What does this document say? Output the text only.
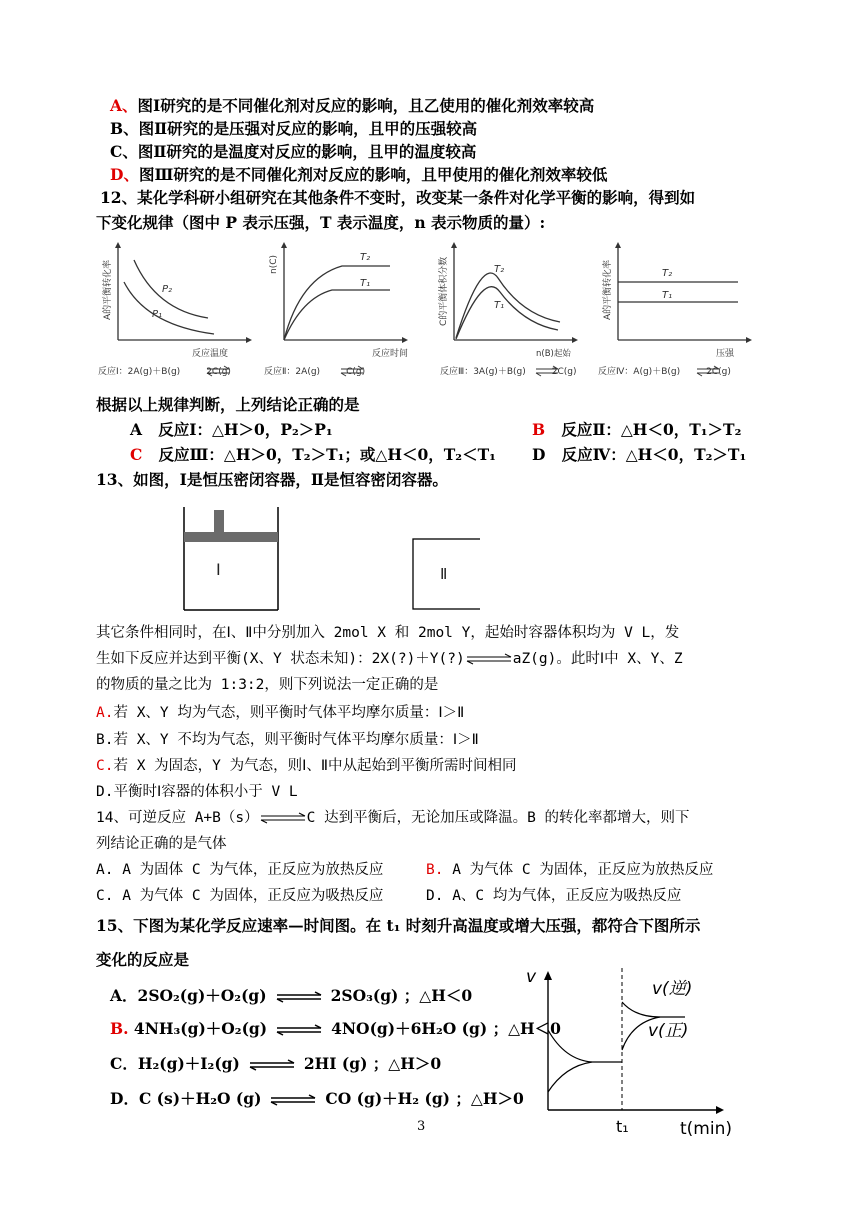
A、图Ⅰ研究的是不同催化剂对反应的影响，且乙使用的催化剂效率较高
B、图Ⅱ研究的是压强对反应的影响，且甲的压强较高
C、图Ⅱ研究的是温度对反应的影响，且甲的温度较高
D、图Ⅲ研究的是不同催化剂对反应的影响，且甲使用的催化剂效率较低
12、某化学科研小组研究在其他条件不变时，改变某一条件对化学平衡的影响，得到如
下变化规律（图中 P 表示压强，T 表示温度，n 表示物质的量）:
A的平衡转化率	P₂
P₁
反应温度
反应Ⅰ：2A(g)＋B(g)	2C(g)
n(C)	T₂
T₁
反应时间
反应Ⅱ：2A(g)	C(g)
C的平衡体积分数	T₂
T₁
n(B)起始
反应Ⅲ：3A(g)＋B(g)	2C(g)
A的平衡转化率	T₂
T₁
压强
反应Ⅳ：A(g)＋B(g)	2C(g)
根据以上规律判断，上列结论正确的是
A 反应Ⅰ：△H＞0，P₂＞P₁	B 反应Ⅱ：△H＜0，T₁＞T₂
C 反应Ⅲ：△H＞0，T₂＞T₁；或△H＜0，T₂＜T₁ D 反应Ⅳ：△H＜0，T₂＞T₁
13、如图，Ⅰ是恒压密闭容器，Ⅱ是恒容密闭容器。
Ⅰ	Ⅱ
其它条件相同时，在Ⅰ、Ⅱ中分别加入 2mol X 和 2mol Y，起始时容器体积均为 V L，发
生如下反应并达到平衡(X、Y 状态未知)：2X(?)＋Y(?)	aZ(g)。此时Ⅰ中 X、Y、Z
的物质的量之比为 1:3:2，则下列说法一定正确的是
A.若 X、Y 均为气态，则平衡时气体平均摩尔质量：Ⅰ＞Ⅱ
B.若 X、Y 不均为气态，则平衡时气体平均摩尔质量：Ⅰ＞Ⅱ
C.若 X 为固态，Y 为气态，则Ⅰ、Ⅱ中从起始到平衡所需时间相同
D.平衡时Ⅰ容器的体积小于 V L
14、可逆反应 A+B（s）	C 达到平衡后，无论加压或降温。B 的转化率都增大，则下
列结论正确的是气体
A. A 为固体 C 为气体，正反应为放热反应	B. A 为气体 C 为固体，正反应为放热反应
C. A 为气体 C 为固体，正反应为吸热反应	D. A、C 均为气体，正反应为吸热反应
15、下图为某化学反应速率—时间图。在 t₁ 时刻升高温度或增大压强，都符合下图所示
变化的反应是
A．2SO₂(g)＋O₂(g)	2SO₃(g) ；△H＜0
B. 4NH₃(g)＋O₂(g)	4NO(g)＋6H₂O (g) ；△H＜0
C．H₂(g)＋I₂(g)	2HI (g) ；△H＞0
D．C (s)＋H₂O (g)	CO (g)＋H₂ (g) ；△H＞0
v
v(逆)
v(正)
t₁	t(min)
3
